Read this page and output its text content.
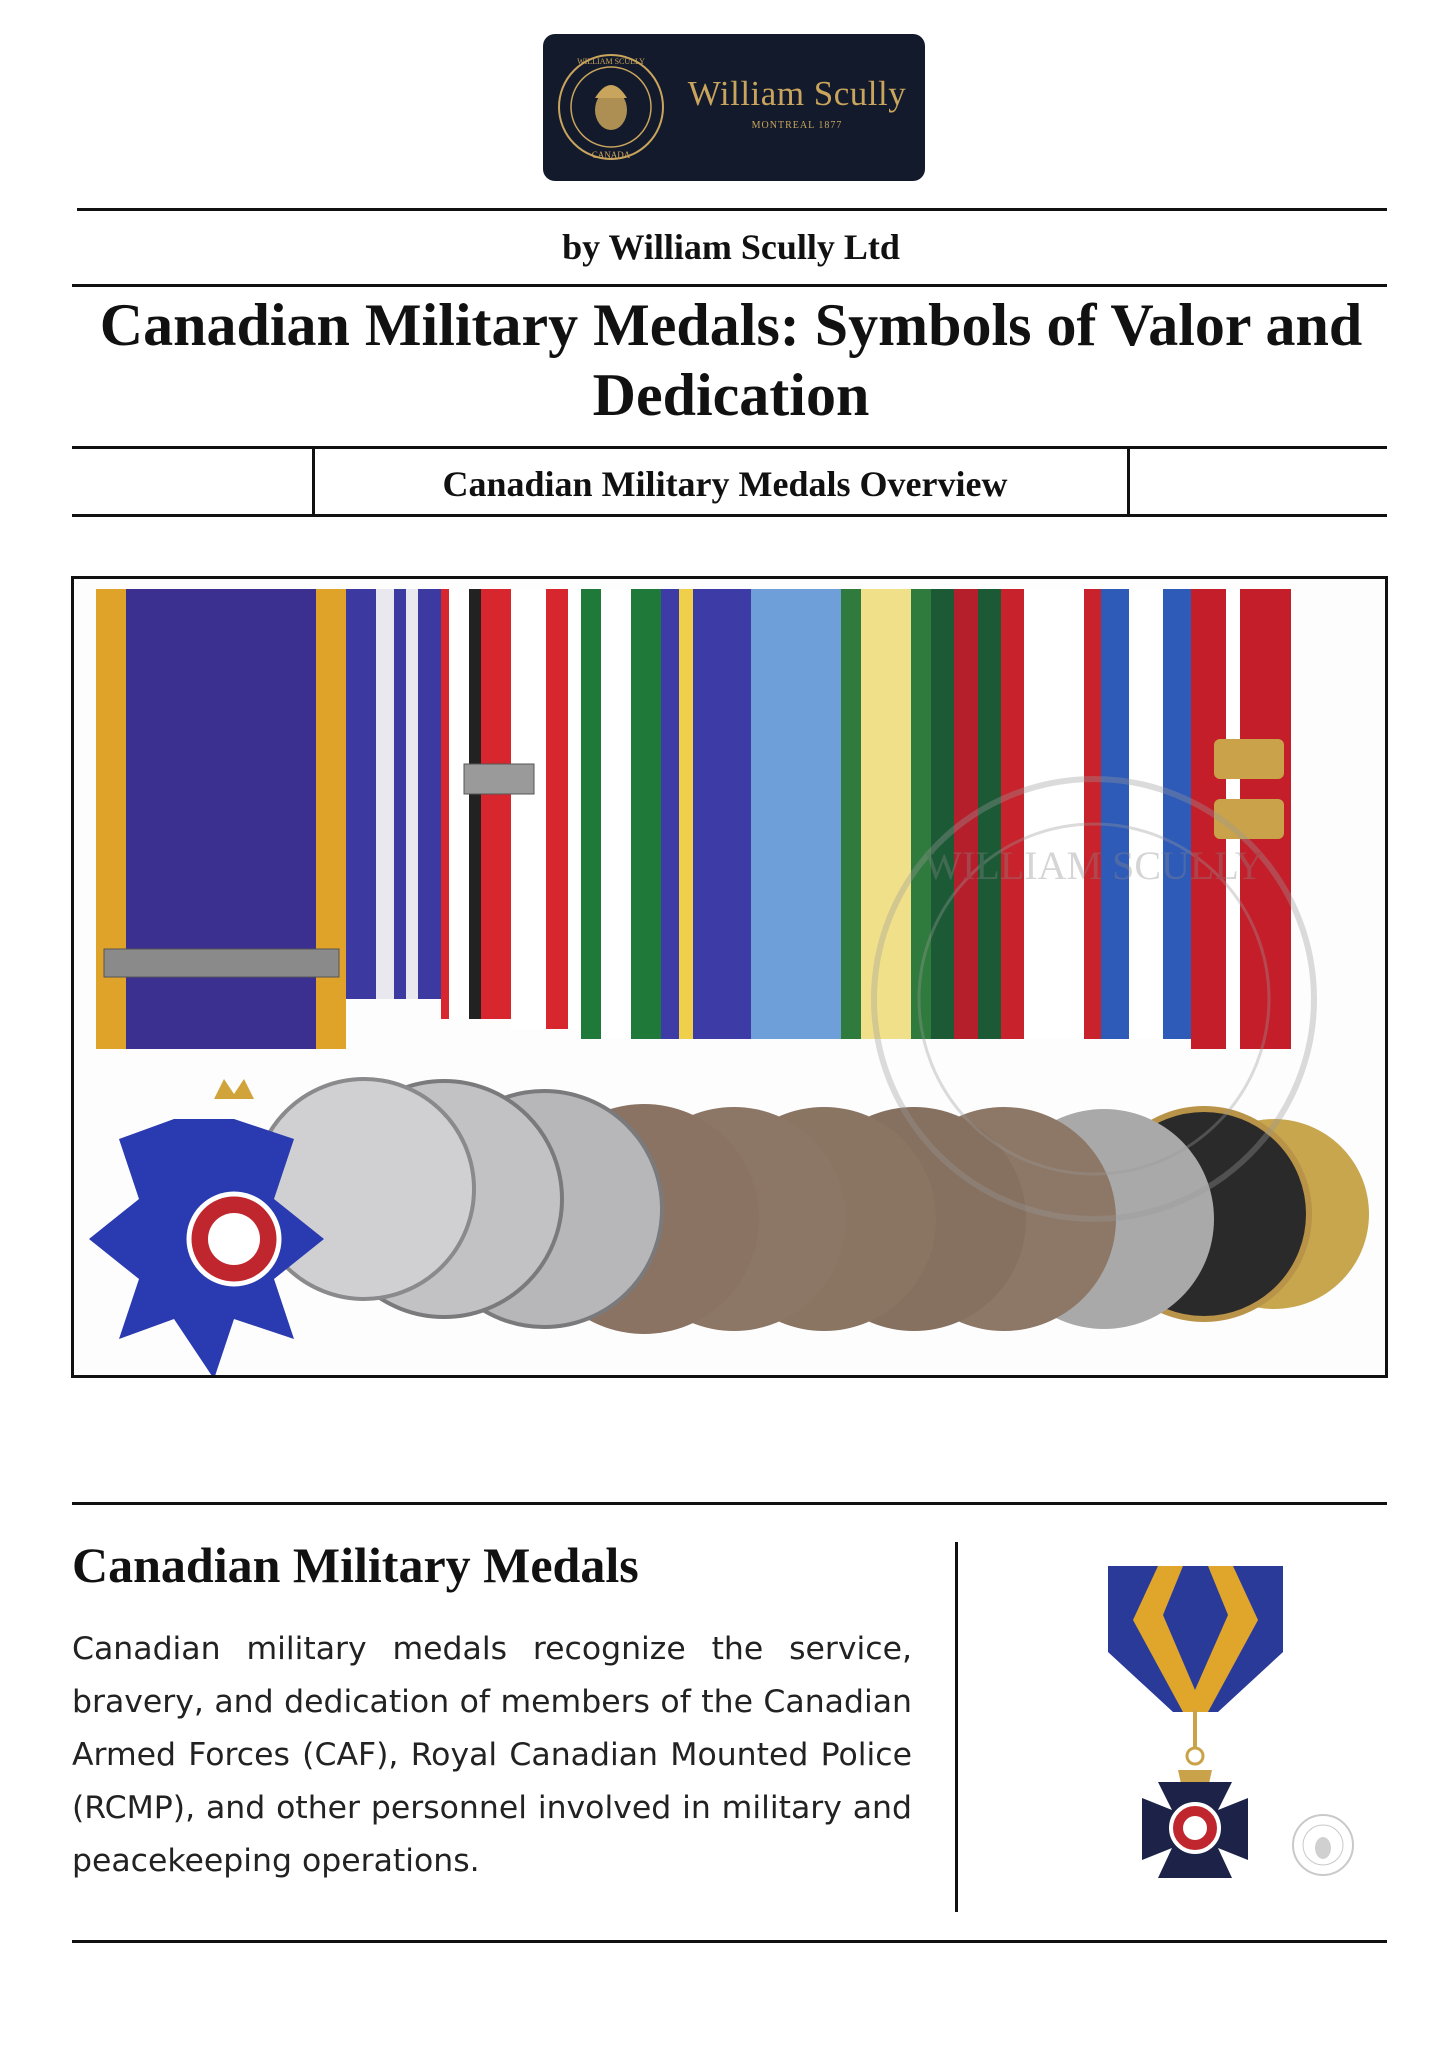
WILLIAM SCULLY
CANADA
William Scully
MONTREAL 1877
by William Scully Ltd
Canadian Military Medals: Symbols of Valor and Dedication
Canadian Military Medals Overview
WILLIAM SCULLY
Canadian Military Medals

Canadian military medals recognize the service, bravery, and dedication of members of the Canadian Armed Forces (CAF), Royal Canadian Mounted Police (RCMP), and other personnel involved in military and peacekeeping operations.
